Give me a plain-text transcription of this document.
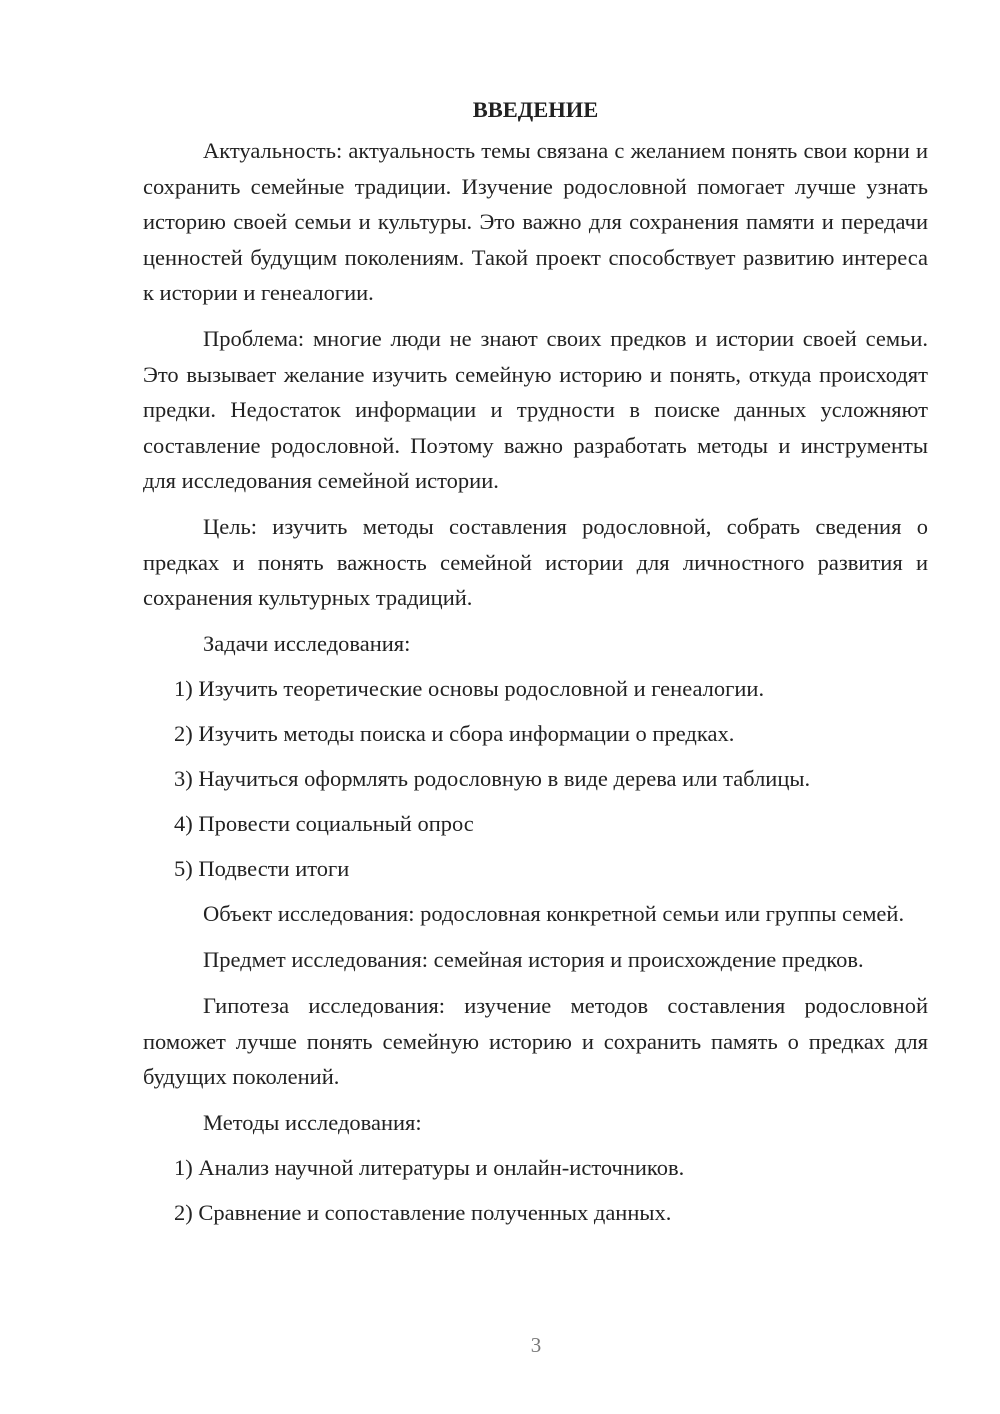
ВВЕДЕНИЕ

Актуальность: актуальность темы связана с желанием понять свои корни и сохранить семейные традиции. Изучение родословной помогает лучше узнать историю своей семьи и культуры. Это важно для сохранения памяти и передачи ценностей будущим поколениям. Такой проект способствует развитию интереса к истории и генеалогии.

Проблема: многие люди не знают своих предков и истории своей семьи. Это вызывает желание изучить семейную историю и понять, откуда происходят предки. Недостаток информации и трудности в поиске данных усложняют составление родословной. Поэтому важно разработать методы и инструменты для исследования семейной истории.

Цель: изучить методы составления родословной, собрать сведения о предках и понять важность семейной истории для личностного развития и сохранения культурных традиций.

Задачи исследования:

1) Изучить теоретические основы родословной и генеалогии.

2) Изучить методы поиска и сбора информации о предках.

3) Научиться оформлять родословную в виде дерева или таблицы.

4) Провести социальный опрос

5) Подвести итоги

Объект исследования: родословная конкретной семьи или группы семей.

Предмет исследования: семейная история и происхождение предков.

Гипотеза исследования: изучение методов составления родословной поможет лучше понять семейную историю и сохранить память о предках для будущих поколений.

Методы исследования:

1) Анализ научной литературы и онлайн-источников.

2) Сравнение и сопоставление полученных данных.

3
